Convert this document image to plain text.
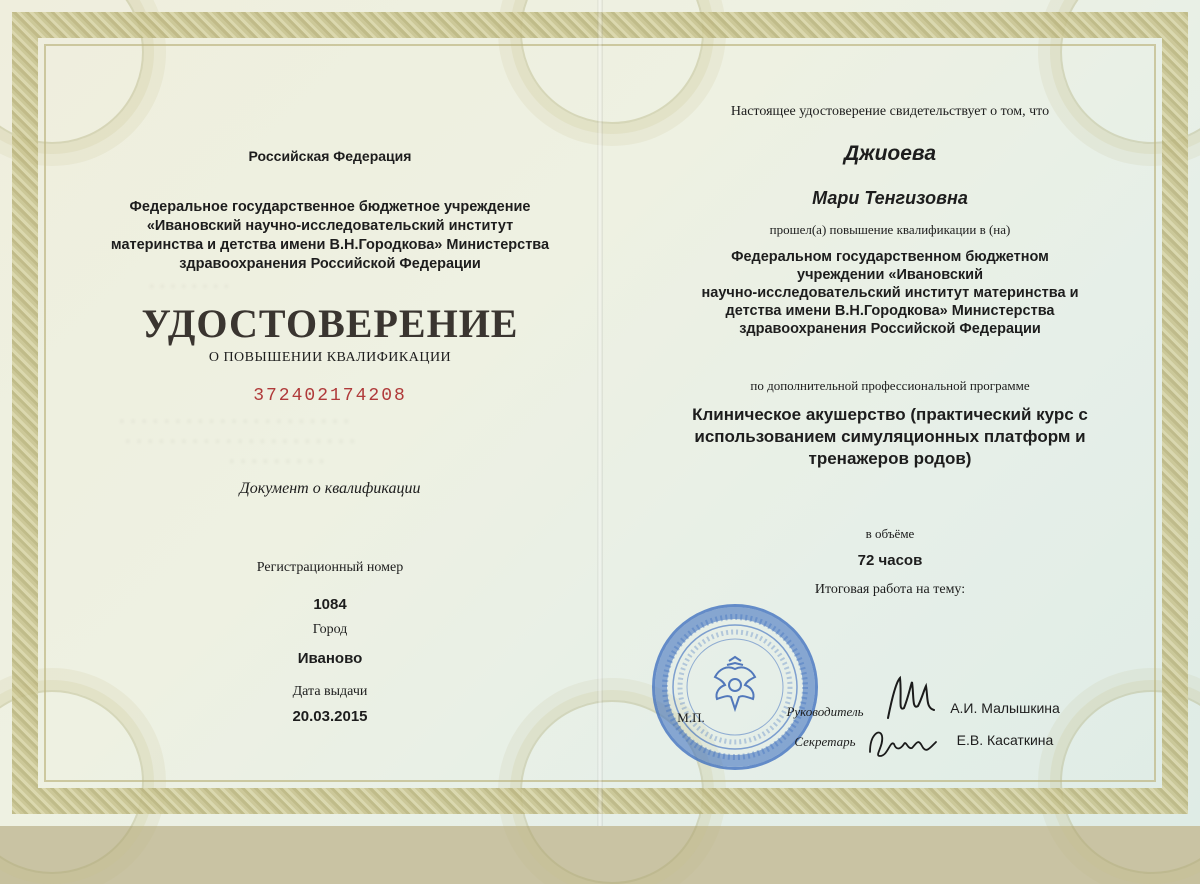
Российская Федерация
Федеральное государственное бюджетное учреждение
«Ивановский научно-исследовательский институт
материнства и детства имени В.Н.Городкова» Министерства
здравоохранения Российской Федерации
. . . . . . . .
УДОСТОВЕРЕНИЕ
О ПОВЫШЕНИИ КВАЛИФИКАЦИИ
372402174208
. . . . . . . . . . . . . . . . . . . . .
. . . . . . . . . . . . . . . . . . . . .
. . . . . . . . .
Документ о квалификации
Регистрационный номер
1084
Город
Иваново
Дата выдачи
20.03.2015
Настоящее удостоверение свидетельствует о том, что
Джиоева
Мари Тенгизовна
прошел(а) повышение квалификации в (на)
Федеральном государственном бюджетном
учреждении «Ивановский
научно-исследовательский институт материнства и
детства имени В.Н.Городкова» Министерства
здравоохранения Российской Федерации
по дополнительной профессиональной программе
Клиническое акушерство (практический курс с
использованием симуляционных платформ и
тренажеров родов)
в объёме
72 часов
Итоговая работа на тему:
М.П.	Руководитель	А.И. Малышкина
Секретарь	Е.В. Касаткина
